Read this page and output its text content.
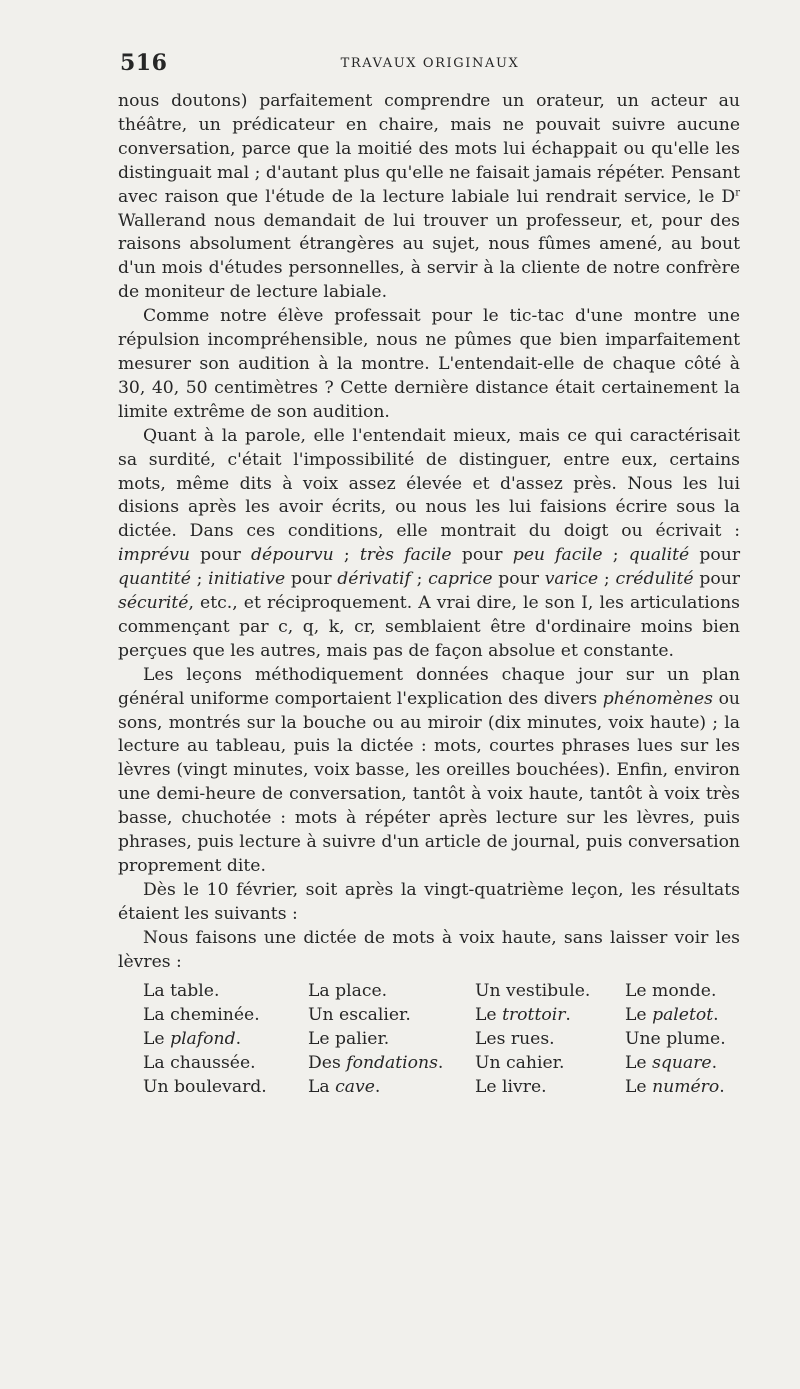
516	TRAVAUX ORIGINAUX

nous doutons) parfaitement comprendre un orateur, un acteur au théâtre, un prédicateur en chaire, mais ne pouvait suivre aucune conversation, parce que la moitié des mots lui échappait ou qu'elle les distinguait mal ; d'autant plus qu'elle ne faisait jamais répéter. Pensant avec raison que l'étude de la lecture labiale lui rendrait service, le $D^r$ Wallerand nous demandait de lui trouver un professeur, et, pour des raisons absolument étrangères au sujet, nous fûmes amené, au bout d'un mois d'études personnelles, à servir à la cliente de notre confrère de moniteur de lecture labiale.

Comme notre élève professait pour le tic-tac d'une montre une répulsion incompréhensible, nous ne pûmes que bien imparfaitement mesurer son audition à la montre. L'entendait-elle de chaque côté à 30, 40, 50 centimètres ? Cette dernière distance était certainement la limite extrême de son audition.

Quant à la parole, elle l'entendait mieux, mais ce qui caractérisait sa surdité, c'était l'impossibilité de distinguer, entre eux, certains mots, même dits à voix assez élevée et d'assez près. Nous les lui disions après les avoir écrits, ou nous les lui faisions écrire sous la dictée. Dans ces conditions, elle montrait du doigt ou écrivait : imprévu pour dépourvu ; très facile pour peu facile ; qualité pour quantité ; initiative pour dérivatif ; caprice pour varice ; crédulité pour sécurité, etc., et réciproquement. A vrai dire, le son I, les articulations commençant par c, q, k, cr, semblaient être d'ordinaire moins bien perçues que les autres, mais pas de façon absolue et constante.

Les leçons méthodiquement données chaque jour sur un plan général uniforme comportaient l'explication des divers phénomènes ou sons, montrés sur la bouche ou au miroir (dix minutes, voix haute) ; la lecture au tableau, puis la dictée : mots, courtes phrases lues sur les lèvres (vingt minutes, voix basse, les oreilles bouchées). Enfin, environ une demi-heure de conversation, tantôt à voix haute, tantôt à voix très basse, chuchotée : mots à répéter après lecture sur les lèvres, puis phrases, puis lecture à suivre d'un article de journal, puis conversation proprement dite.

Dès le 10 février, soit après la vingt-quatrième leçon, les résultats étaient les suivants :

Nous faisons une dictée de mots à voix haute, sans laisser voir les lèvres :

La table.	La place.	Un vestibule.	Le monde.
La cheminée.	Un escalier.	Le trottoir.	Le paletot.
Le plafond.	Le palier.	Les rues.	Une plume.
La chaussée.	Des fondations.	Un cahier.	Le square.
Un boulevard.	La cave.	Le livre.	Le numéro.
